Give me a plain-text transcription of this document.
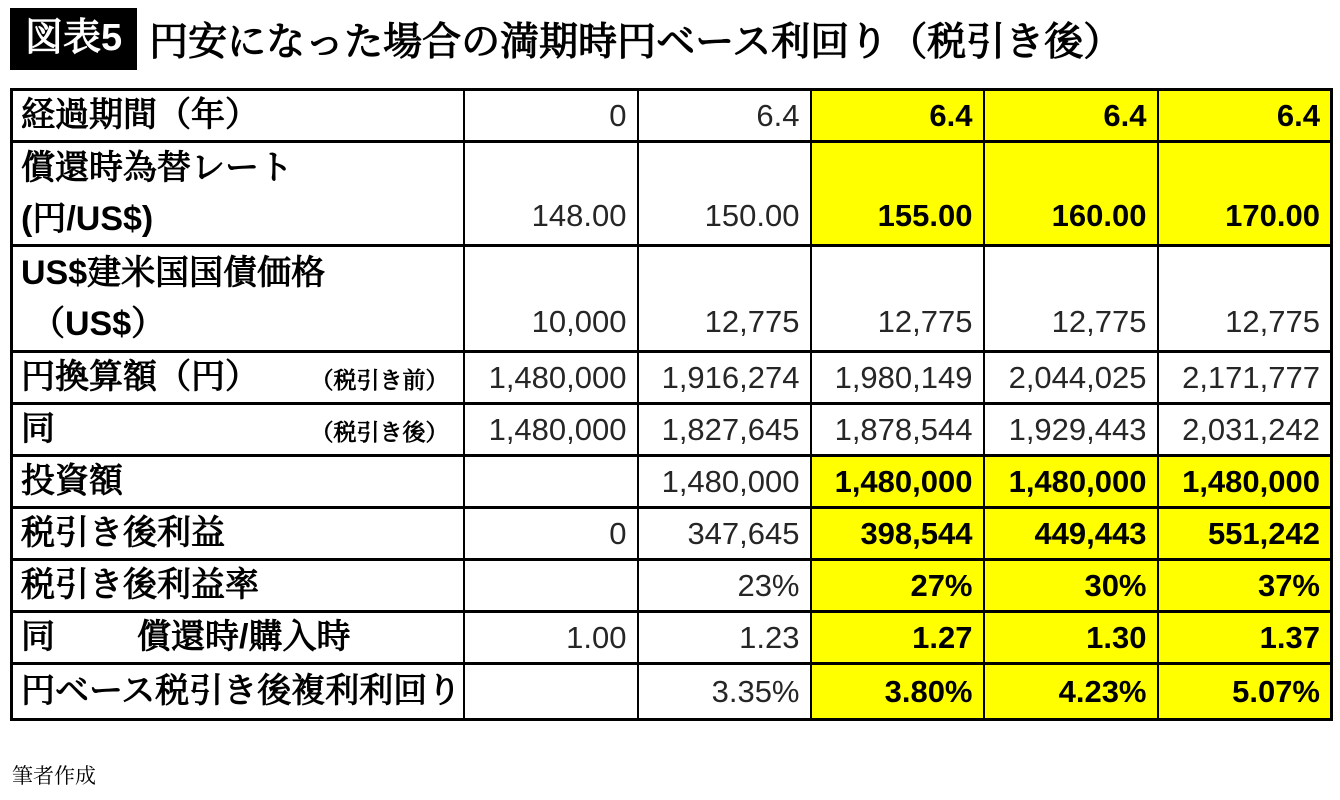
図表5 円安になった場合の満期時円ベース利回り（税引き後）
経過期間（年）	0	6.4	6.4	6.4	6.4

償還時為替レート
(円/US$)	148.00	150.00	155.00	160.00	170.00

US$建米国国債価格
（US$）	10,000	12,775	12,775	12,775	12,775

円換算額（円） （税引き前）	1,480,000	1,916,274	1,980,149	2,044,025	2,171,777

同 （税引き後）	1,480,000	1,827,645	1,878,544	1,929,443	2,031,242
投資額		1,480,000	1,480,000	1,480,000	1,480,000
税引き後利益	0	347,645	398,544	449,443	551,242
税引き後利益率		23%	27%	30%	37%

同 償還時/購入時	1.00	1.23	1.27	1.30	1.37
円ベース税引き後複利利回り		3.35%	3.80%	4.23%	5.07%
筆者作成
